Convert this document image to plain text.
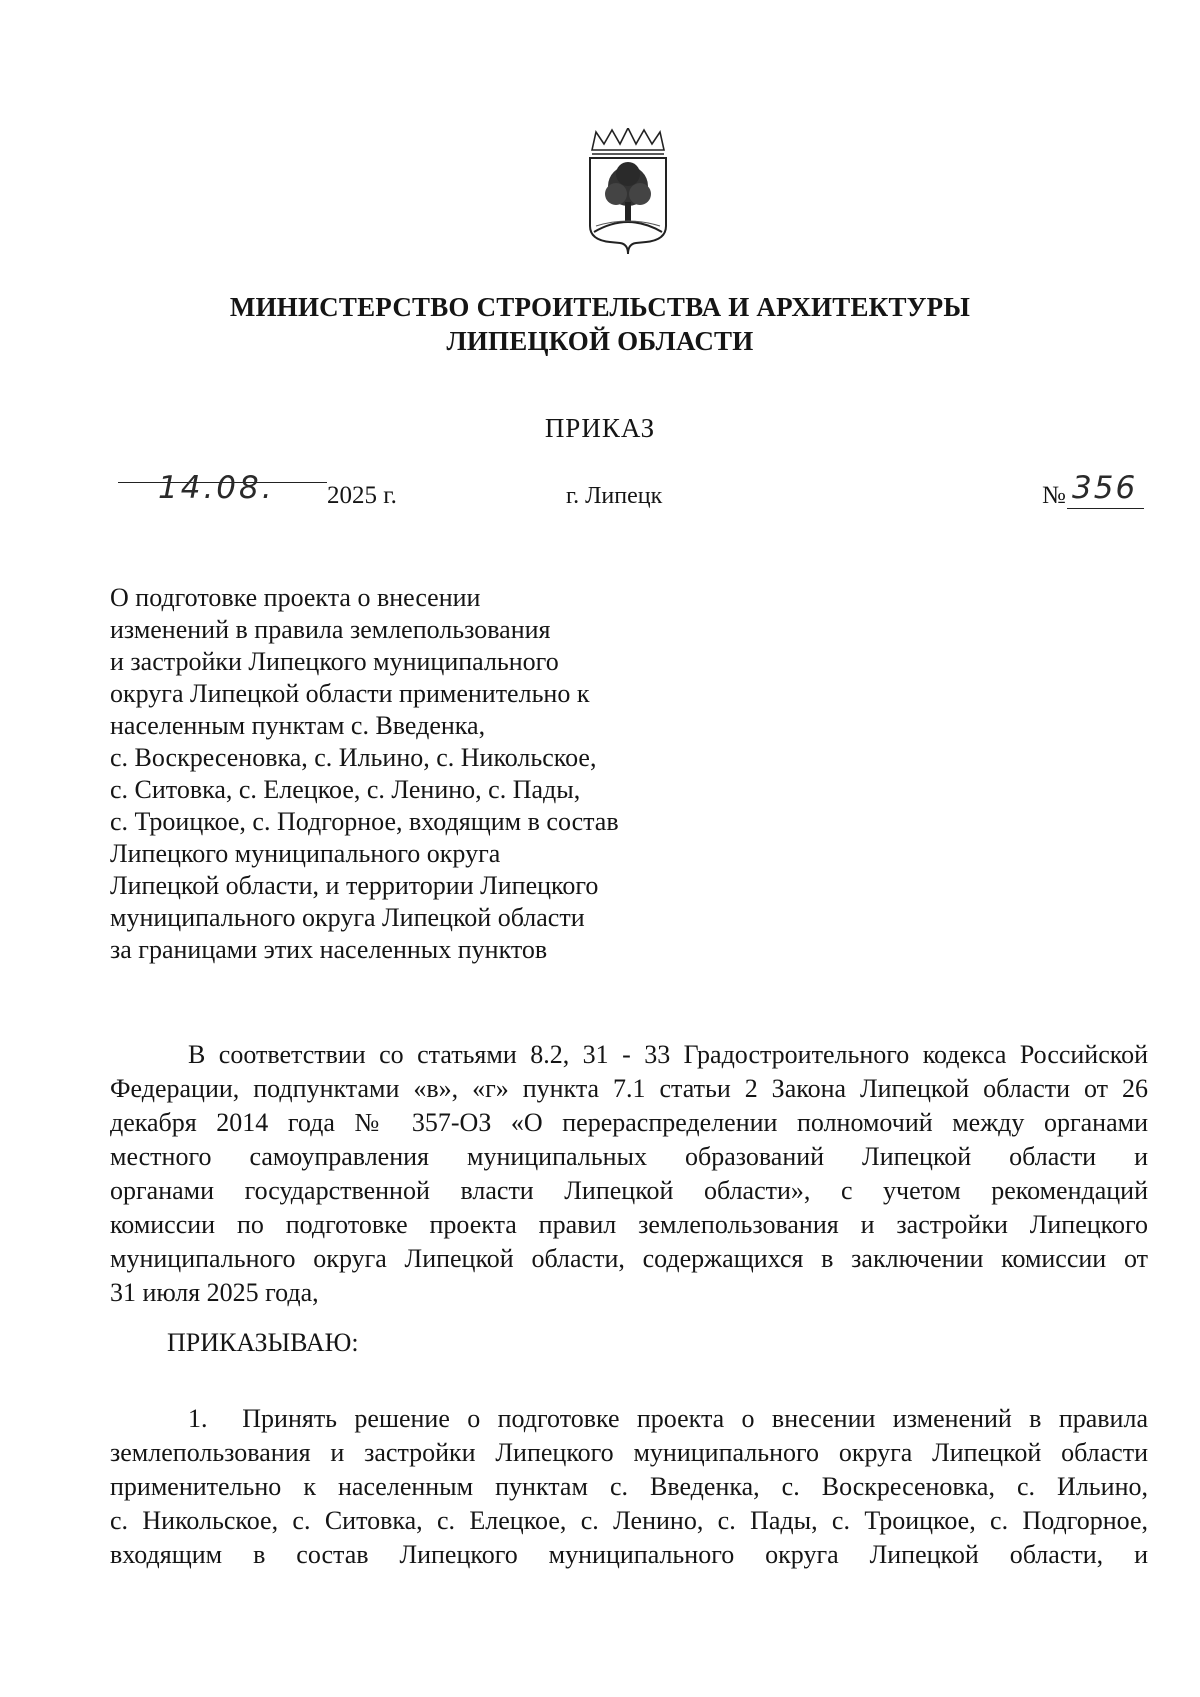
МИНИСТЕРСТВО СТРОИТЕЛЬСТВА И АРХИТЕКТУРЫ
ЛИПЕЦКОЙ ОБЛАСТИ
ПРИКАЗ
14.08. 2025 г.	г. Липецк	№ 356
О подготовке проекта о внесении
изменений в правила землепользования
и застройки Липецкого муниципального
округа Липецкой области применительно к
населенным пунктам с. Введенка,
с. Воскресеновка, с. Ильино, с. Никольское,
с. Ситовка, с. Елецкое, с. Ленино, с. Пады,
с. Троицкое, с. Подгорное, входящим в состав
Липецкого муниципального округа
Липецкой области, и территории Липецкого
муниципального округа Липецкой области
за границами этих населенных пунктов
В соответствии со статьями 8.2, 31 - 33 Градостроительного кодекса Российской
Федерации, подпунктами «в», «г» пункта 7.1 статьи 2 Закона Липецкой области от 26
декабря 2014 года № 357-ОЗ «О перераспределении полномочий между органами
местного самоуправления муниципальных образований Липецкой области и
органами государственной власти Липецкой области», с учетом рекомендаций
комиссии по подготовке проекта правил землепользования и застройки Липецкого
муниципального округа Липецкой области, содержащихся в заключении комиссии от
31 июля 2025 года,
ПРИКАЗЫВАЮ:
1. Принять решение о подготовке проекта о внесении изменений в правила
землепользования и застройки Липецкого муниципального округа Липецкой области
применительно к населенным пунктам с. Введенка, с. Воскресеновка, с. Ильино,
с. Никольское, с. Ситовка, с. Елецкое, с. Ленино, с. Пады, с. Троицкое, с. Подгорное,
входящим в состав Липецкого муниципального округа Липецкой области, и
